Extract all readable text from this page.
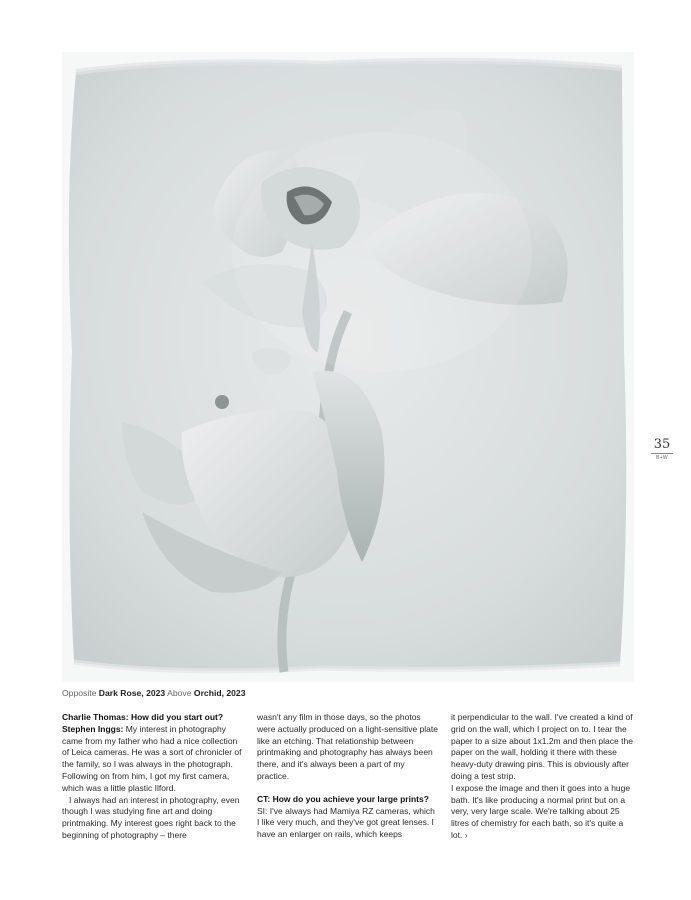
35
B+W
Opposite Dark Rose, 2023 Above Orchid, 2023

Charlie Thomas: How did you start out?

Stephen Inggs: My interest in photography came from my father who had a nice collection of Leica cameras. He was a sort of chronicler of the family, so I was always in the photograph. Following on from him, I got my first camera, which was a little plastic Ilford.

I always had an interest in photography, even though I was studying fine art and doing printmaking. My interest goes right back to the beginning of photography – there

wasn't any film in those days, so the photos were actually produced on a light-sensitive plate like an etching. That relationship between printmaking and photography has always been there, and it's always been a part of my practice.

CT: How do you achieve your large prints?

SI: I've always had Mamiya RZ cameras, which I like very much, and they've got great lenses. I have an enlarger on rails, which keeps

it perpendicular to the wall. I've created a kind of grid on the wall, which I project on to. I tear the paper to a size about 1x1.2m and then place the paper on the wall, holding it there with these heavy-duty drawing pins. This is obviously after doing a test strip.

I expose the image and then it goes into a huge bath. It's like producing a normal print but on a very, very large scale. We're talking about 25 litres of chemistry for each bath, so it's quite a lot. ›
